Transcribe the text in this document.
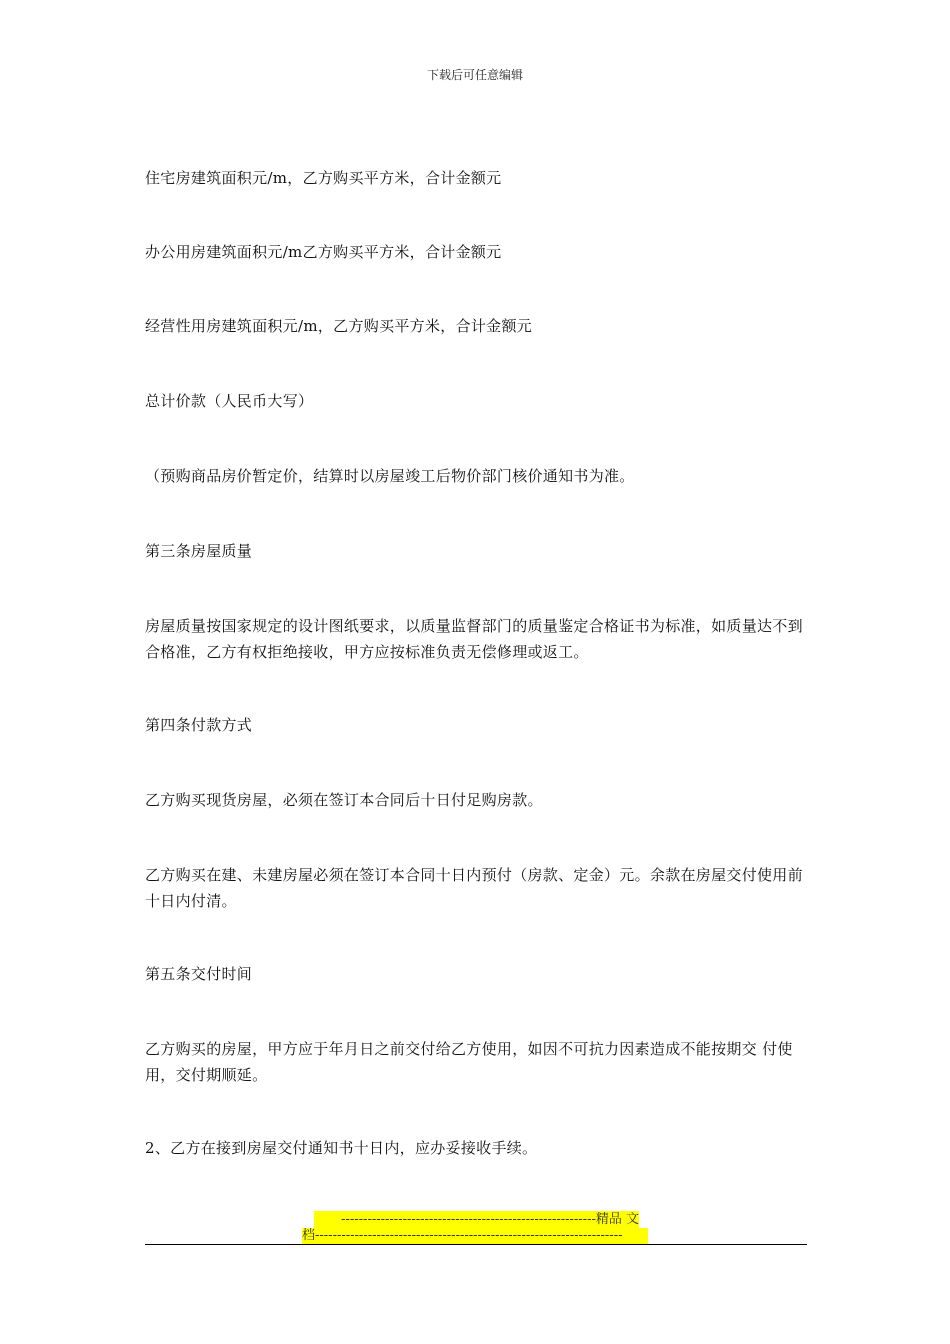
下载后可任意编辑

住宅房建筑面积元/m，乙方购买平方米，合计金额元

办公用房建筑面积元/m乙方购买平方米，合计金额元

经营性用房建筑面积元/m，乙方购买平方米，合计金额元

总计价款（人民币大写）

（预购商品房价暂定价，结算时以房屋竣工后物价部门核价通知书为准。

第三条房屋质量

房屋质量按国家规定的设计图纸要求，以质量监督部门的质量鉴定合格证书为标准，如质量达不到合格准，乙方有权拒绝接收，甲方应按标准负责无偿修理或返工。

第四条付款方式

乙方购买现货房屋，必须在签订本合同后十日付足购房款。

乙方购买在建、未建房屋必须在签订本合同十日内预付（房款、定金）元。余款在房屋交付使用前十日内付清。

第五条交付时间

乙方购买的房屋，甲方应于年月日之前交付给乙方使用，如因不可抗力因素造成不能按期交 付使用，交付期顺延。

2、乙方在接到房屋交付通知书十日内，应办妥接收手续。

----------------------------------------------------------精品 文
档----------------------------------------------------------------------
